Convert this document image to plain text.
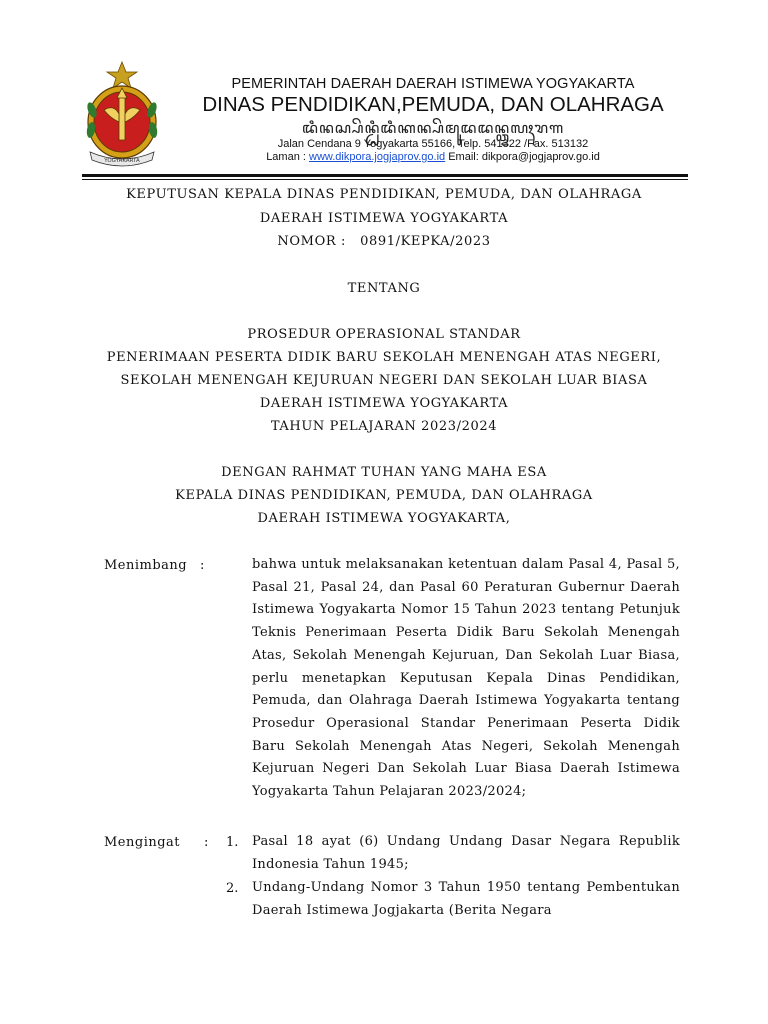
YOGYAKARTA
PEMERINTAH DAERAH DAERAH ISTIMEWA YOGYAKARTA
DINAS PENDIDIKAN,PEMUDA, DAN OLAHRAGA
ꦢꦶꦤꦱ꧀ꦥꦼꦤ꧀ꦝꦶꦢꦶꦏꦤ꧀ꦥꦼꦩꦸꦢꦢꦤ꧀ꦎꦭꦃꦫꦒ
Jalan Cendana 9 Yogyakarta 55166, Telp. 541322 /Fax. 513132
Laman : www.dikpora.jogjaprov.go.id Email: dikpora@jogjaprov.go.id
KEPUTUSAN KEPALA DINAS PENDIDIKAN, PEMUDA, DAN OLAHRAGA
DAERAH ISTIMEWA YOGYAKARTA
NOMOR :   0891/KEPKA/2023
TENTANG
PROSEDUR OPERASIONAL STANDAR
PENERIMAAN PESERTA DIDIK BARU SEKOLAH MENENGAH ATAS NEGERI,
SEKOLAH MENENGAH KEJURUAN NEGERI DAN SEKOLAH LUAR BIASA
DAERAH ISTIMEWA YOGYAKARTA
TAHUN PELAJARAN 2023/2024
DENGAN RAHMAT TUHAN YANG MAHA ESA
KEPALA DINAS PENDIDIKAN, PEMUDA, DAN OLAHRAGA
DAERAH ISTIMEWA YOGYAKARTA,
Menimbang :	bahwa untuk melaksanakan ketentuan dalam Pasal 4, Pasal 5, Pasal 21, Pasal 24, dan Pasal 60 Peraturan Gubernur Daerah Istimewa Yogyakarta Nomor 15 Tahun 2023 tentang Petunjuk Teknis Penerimaan Peserta Didik Baru Sekolah Menengah Atas, Sekolah Menengah Kejuruan, Dan Sekolah Luar Biasa, perlu menetapkan Keputusan Kepala Dinas Pendidikan, Pemuda, dan Olahraga Daerah Istimewa Yogyakarta tentang Prosedur Operasional Standar Penerimaan Peserta Didik Baru Sekolah Menengah Atas Negeri, Sekolah Menengah Kejuruan Negeri Dan Sekolah Luar Biasa Daerah Istimewa Yogyakarta Tahun Pelajaran 2023/2024;

Mengingat : 1. Pasal 18 ayat (6) Undang Undang Dasar Negara Republik Indonesia Tahun 1945;

2. Undang-Undang Nomor 3 Tahun 1950 tentang Pembentukan Daerah Istimewa Jogjakarta (Berita Negara
